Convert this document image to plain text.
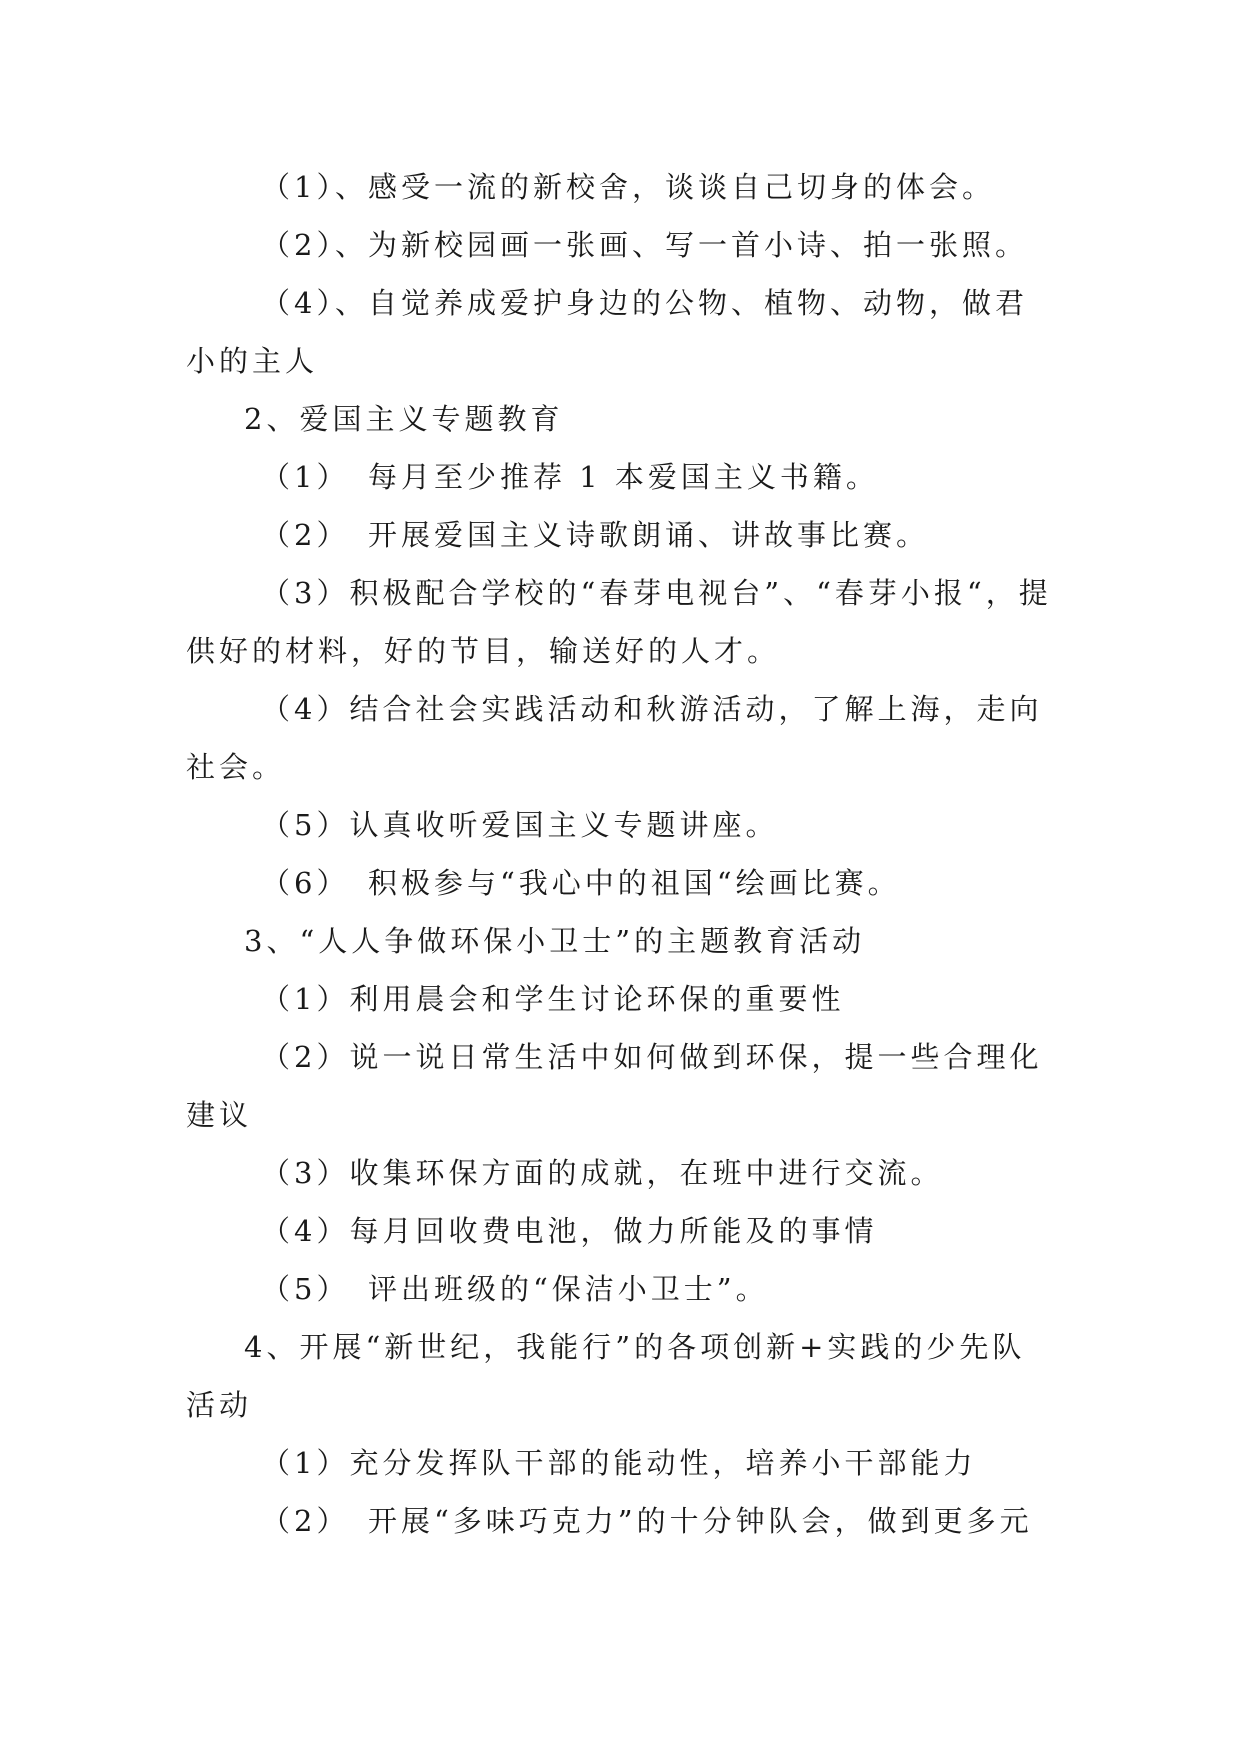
（1）、感受一流的新校舍，谈谈自己切身的体会。

（2）、为新校园画一张画、写一首小诗、拍一张照。

（4）、自觉养成爱护身边的公物、植物、动物，做君小的主人

2、爱国主义专题教育

（1）　每月至少推荐 1 本爱国主义书籍。

（2）　开展爱国主义诗歌朗诵、讲故事比赛。

（3）积极配合学校的“春芽电视台”、“春芽小报“，提供好的材料，好的节目，输送好的人才。

（4）结合社会实践活动和秋游活动，了解上海，走向社会。

（5）认真收听爱国主义专题讲座。

（6）　积极参与“我心中的祖国“绘画比赛。

3、“人人争做环保小卫士”的主题教育活动

（1）利用晨会和学生讨论环保的重要性

（2）说一说日常生活中如何做到环保，提一些合理化建议

（3）收集环保方面的成就，在班中进行交流。

（4）每月回收费电池，做力所能及的事情

（5）　评出班级的“保洁小卫士”。

4、开展“新世纪，我能行”的各项创新+实践的少先队活动

（1）充分发挥队干部的能动性，培养小干部能力

（2）　开展“多味巧克力”的十分钟队会，做到更多元
